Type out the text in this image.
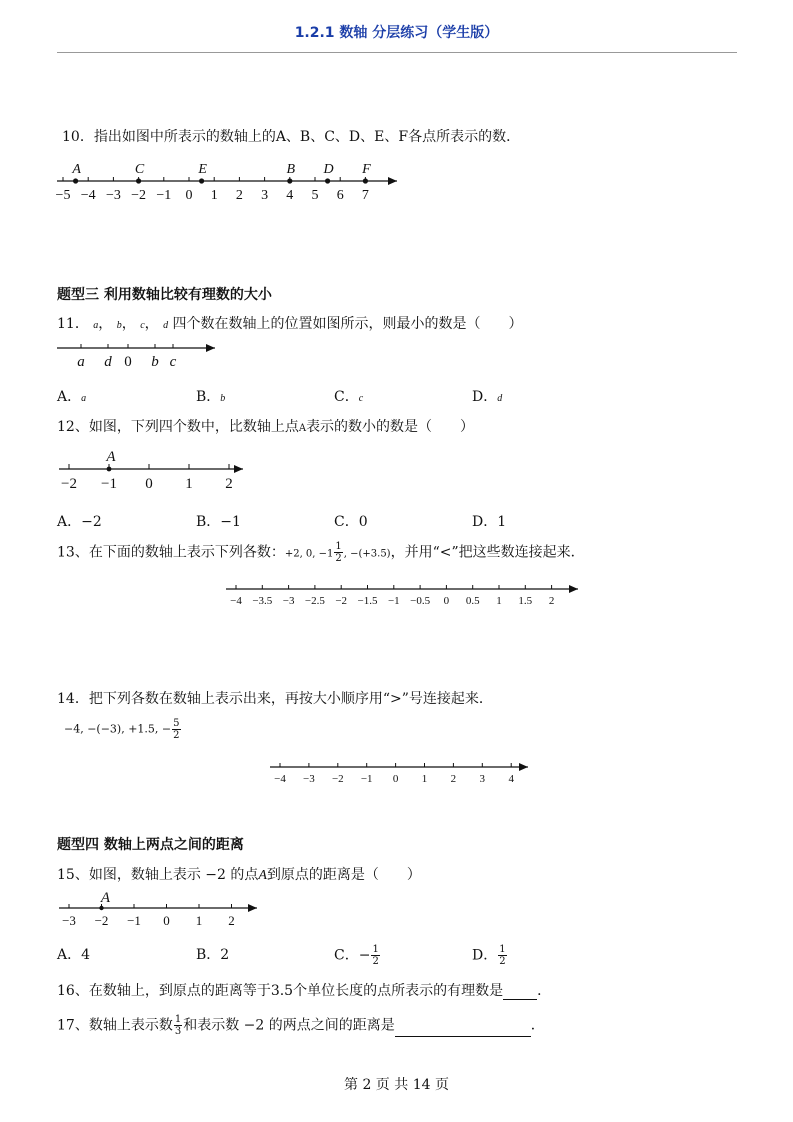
1.2.1 数轴 分层练习（学生版）
10．指出如图中所表示的数轴上的A、B、C、D、E、F各点所表示的数．
−5 −4 −3 −2 −1 0 1 2 3 4 5 6 7
A	C	E	B D F
a d 0 b c
−2 −1 0 1 2
A
−4 −3.5 −3 −2.5 −2 −1.5 −1 −0.5 0 0.5 1 1.5 2
−4 −3 −2 −1 0 1 2 3 4
−3 −2 −1 0 1 2
A
题型三 利用数轴比较有理数的大小
11． a， b， c， d 四个数在数轴上的位置如图所示，则最小的数是（　　）
A．a	B．b	C．c	D．d
12、如图，下列四个数中，比数轴上点A表示的数小的数是（　　）
A．−2	B．−1	C．0	D．1
13、在下面的数轴上表示下列各数：+2, 0, $-1 \frac{1}{2}$ , −(+3.5)，并用“<”把这些数连接起来．
14．把下列各数在数轴上表示出来，再按大小顺序用“>”号连接起来．
−4, −(−3), +1.5, − $\frac{5}{2}$
题型四 数轴上两点之间的距离
15、如图，数轴上表示 −2 的点A到原点的距离是（　　）
A．4	B．2	C．− $\frac{1}{2}$	D． $\frac{1}{2}$
16、在数轴上，到原点的距离等于3.5个单位长度的点所表示的有理数是 ．
17、数轴上表示数 $\frac{1}{3}$ 和表示数 −2 的两点之间的距离是	．
第 2 页 共 14 页
